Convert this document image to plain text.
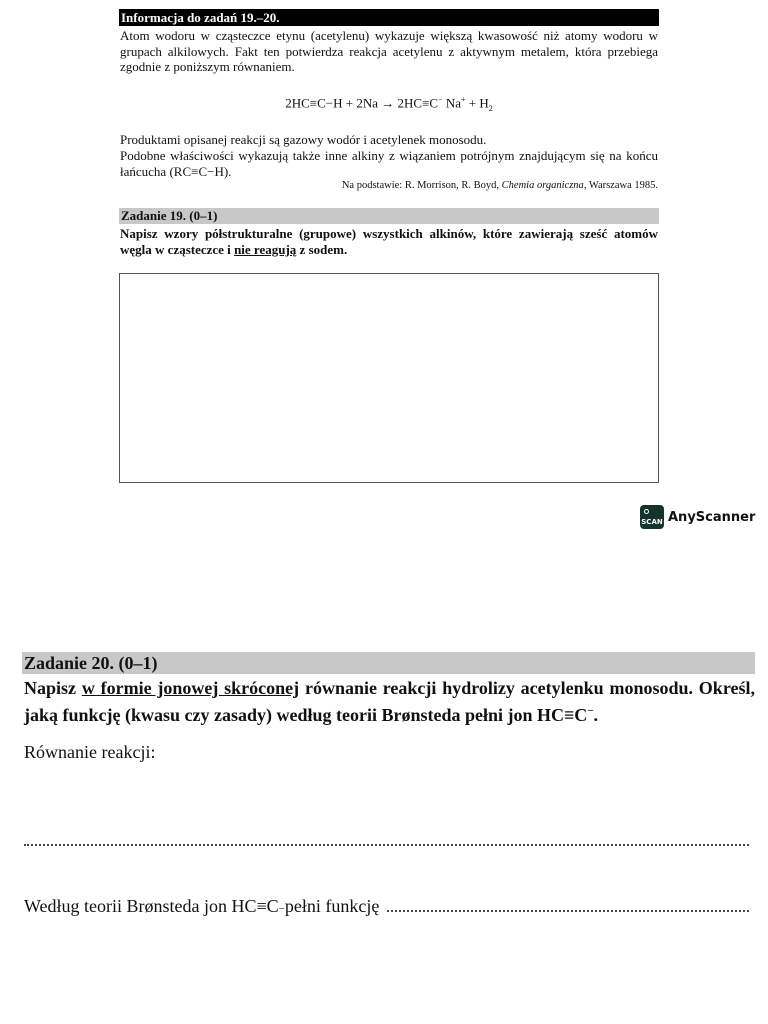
Informacja do zadań 19.–20.

Atom wodoru w cząsteczce etynu (acetylenu) wykazuje większą kwasowość niż atomy wodoru w grupach alkilowych. Fakt ten potwierdza reakcja acetylenu z aktywnym metalem, która przebiega zgodnie z poniższym równaniem.

2HC≡C−H + 2Na → 2HC≡C− $Na^+ + H_2$

Produktami opisanej reakcji są gazowy wodór i acetylenek monosodu.

Podobne właściwości wykazują także inne alkiny z wiązaniem potrójnym znajdującym się na końcu łańcucha (RC≡C−H).

Na podstawie: R. Morrison, R. Boyd, Chemia organiczna, Warszawa 1985.
Zadanie 19. (0–1)
Napisz wzory półstrukturalne (grupowe) wszystkich alkinów, które zawierają sześć atomów węgla w cząsteczce i nie reagują z sodem.
SCAN AnyScanner
Zadanie 20. (0–1)
Napisz w formie jonowej skróconej równanie reakcji hydrolizy acetylenku monosodu. Określ, jaką funkcję (kwasu czy zasady) według teorii Brønsteda pełni jon HC≡C−.
Równanie reakcji:
Według teorii Brønsteda jon HC≡C − pełni funkcję
